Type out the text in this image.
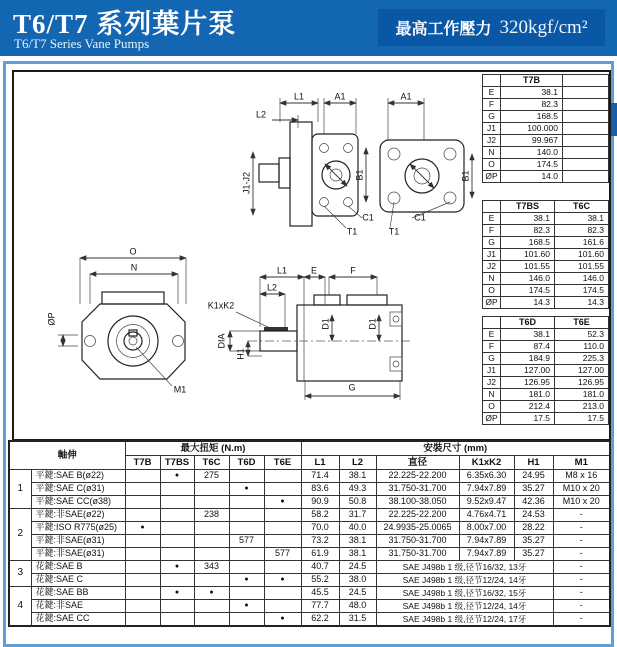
T6/T7 系列葉片泵
T6/T7 Series Vane Pumps
最高工作壓力 320kgf/cm²
L1	A1	A1
L2
J1-J2	B1	B1
C1
T1
C1
T1
O
N
ØP
M1
K1xK2
L1
L2
E	F
D1	D1
DIA
H1
G
	T7B	
E	38.1	
F	82.3	
G	168.5	
J1	100.000	
J2	99.967	
N	140.0	
O	174.5	
ØP	14.0	
	T7BS	T6C
E	38.1	38.1
F	82.3	82.3
G	168.5	161.6
J1	101.60	101.60
J2	101.55	101.55
N	146.0	146.0
O	174.5	174.5
ØP	14.3	14.3
	T6D	T6E
E	38.1	52.3
F	87.4	110.0
G	184.9	225.3
J1	127.00	127.00
J2	126.95	126.95
N	181.0	181.0
O	212.4	213.0
ØP	17.5	17.5
軸伸		最大扭矩 (N.m)					安裝尺寸 (mm)					
		T7B	T7BS	T6C	T6D	T6E	L1	L2	直径	K1xK2	H1	M1
1	平鍵:SAE B(ø22)		●	275			71.4	38.1	22.225-22.200	6.35x6.30	24.95	M8 x 16
	平鍵:SAE C(ø31)				●		83.6	49.3	31.750-31.700	7.94x7.89	35.27	M10 x 20
	平鍵:SAE CC(ø38)					●	90.9	50.8	38.100-38.050	9.52x9.47	42.36	M10 x 20
2	平鍵:非SAE(ø22)			238			58.2	31.7	22.225-22.200	4.76x4.71	24.53	-
	平鍵:ISO R775(ø25)	●					70.0	40.0	24.9935-25.0065	8.00x7.00	28.22	-
	平鍵:非SAE(ø31)				577		73.2	38.1	31.750-31.700	7.94x7.89	35.27	-
	平鍵:非SAE(ø31)					577	61.9	38.1	31.750-31.700	7.94x7.89	35.27	-
3	花鍵:SAE B		●	343			40.7	24.5	SAE J498b 1 级,径节16/32, 13牙			-
	花鍵:SAE C				●	●	55.2	38.0	SAE J498b 1 级,径节12/24, 14牙			-
4	花鍵:SAE BB		●	●			45.5	24.5	SAE J498b 1 级,径节16/32, 15牙			-
	花鍵:非SAE				●		77.7	48.0	SAE J498b 1 级,径节12/24, 14牙			-
	花鍵:SAE CC					●	62.2	31.5	SAE J498b 1 级,径节12/24, 17牙			-
